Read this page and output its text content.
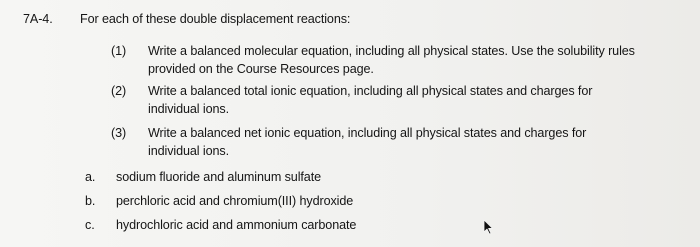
7A-4. For each of these double displacement reactions:
(1) Write a balanced molecular equation, including all physical states. Use the solubility rules
provided on the Course Resources page.
(2) Write a balanced total ionic equation, including all physical states and charges for
individual ions.
(3) Write a balanced net ionic equation, including all physical states and charges for
individual ions.
a. sodium fluoride and aluminum sulfate
b. perchloric acid and chromium(III) hydroxide
c. hydrochloric acid and ammonium carbonate
